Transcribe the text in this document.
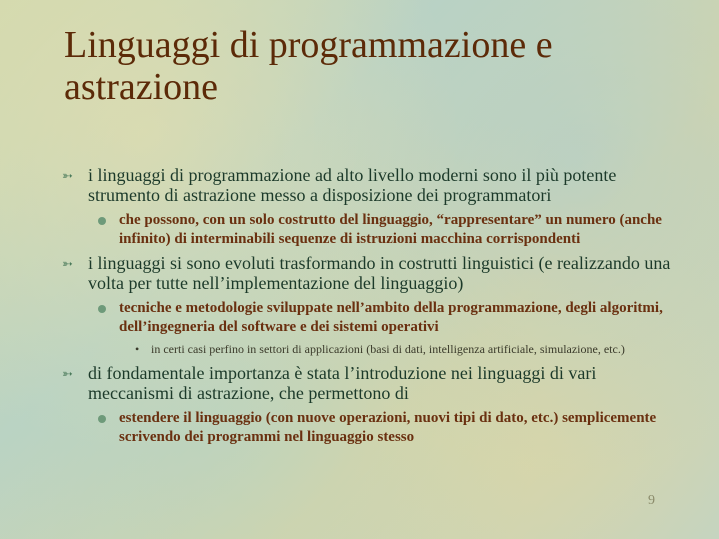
Linguaggi di programmazione e astrazione
➳ i linguaggi di programmazione ad alto livello moderni sono il più potente strumento di astrazione messo a disposizione dei programmatori
che possono, con un solo costrutto del linguaggio, “rappresentare” un numero (anche infinito) di interminabili sequenze di istruzioni macchina corrispondenti
➳ i linguaggi si sono evoluti trasformando in costrutti linguistici (e realizzando una volta per tutte nell’implementazione del linguaggio)
tecniche e metodologie sviluppate nell’ambito della programmazione, degli algoritmi, dell’ingegneria del software e dei sistemi operativi
• in certi casi perfino in settori di applicazioni (basi di dati, intelligenza artificiale, simulazione, etc.)
➳ di fondamentale importanza è stata l’introduzione nei linguaggi di vari meccanismi di astrazione, che permettono di
estendere il linguaggio (con nuove operazioni, nuovi tipi di dato, etc.) semplicemente scrivendo dei programmi nel linguaggio stesso
9
